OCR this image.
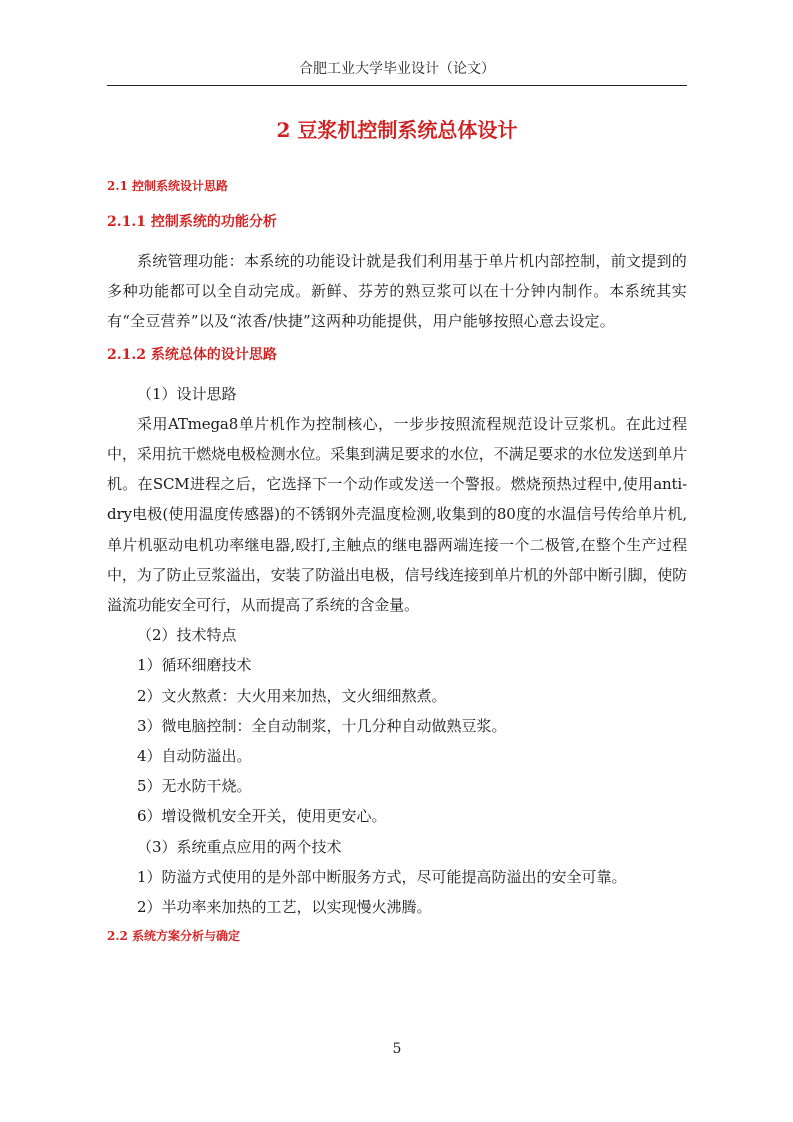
合肥工业大学毕业设计（论文）
2 豆浆机控制系统总体设计
2.1 控制系统设计思路
2.1.1 控制系统的功能分析

系统管理功能：本系统的功能设计就是我们利用基于单片机内部控制，前文提到的多种功能都可以全自动完成。新鲜、芬芳的熟豆浆可以在十分钟内制作。本系统其实有“全豆营养”以及“浓香/快捷”这两种功能提供，用户能够按照心意去设定。

2.1.2 系统总体的设计思路
（1）设计思路

采用ATmega8单片机作为控制核心，一步步按照流程规范设计豆浆机。在此过程中，采用抗干燃烧电极检测水位。采集到满足要求的水位，不满足要求的水位发送到单片机。在SCM进程之后，它选择下一个动作或发送一个警报。燃烧预热过程中,使用anti-dry电极(使用温度传感器)的不锈钢外壳温度检测,收集到的80度的水温信号传给单片机,单片机驱动电机功率继电器,殴打,主触点的继电器两端连接一个二极管,在整个生产过程中，为了防止豆浆溢出，安装了防溢出电极，信号线连接到单片机的外部中断引脚，使防溢流功能安全可行，从而提高了系统的含金量。

（2）技术特点
1）循环细磨技术
2）文火熬煮：大火用来加热，文火细细熬煮。
3）微电脑控制：全自动制浆，十几分种自动做熟豆浆。
4）自动防溢出。
5）无水防干烧。
6）增设微机安全开关，使用更安心。
（3）系统重点应用的两个技术
1）防溢方式使用的是外部中断服务方式，尽可能提高防溢出的安全可靠。
2）半功率来加热的工艺，以实现慢火沸腾。
2.2 系统方案分析与确定
5
